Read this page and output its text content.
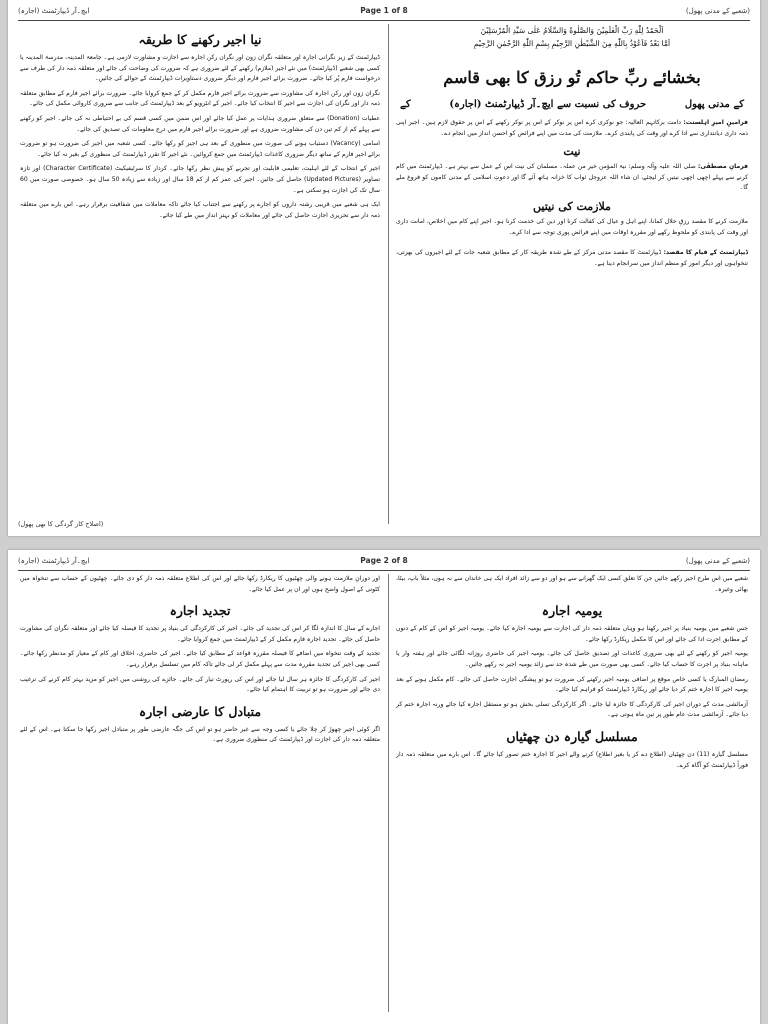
(ایچ۔آر ڈیپارٹمنٹ (اجارہ	Page 1 of 8	(شعبے کے مدنی پھول)
نیا اجیر رکھنے کا طریقہ

ڈیپارٹمنٹ کے زیر نگرانی اجارہ اور متعلقہ نگران زون اور نگران رکن اجارہ سے اجازت و مشاورت لازمی ہے۔ جامعۃ المدینہ، مدرسۃ المدینہ یا کسی بھی شعبے (ڈیپارٹمنٹ) میں نئے اجیر (ملازم) رکھنے کے لئے ضروری ہے کہ ضرورت کی وضاحت کی جائے اور متعلقہ ذمہ دار کی طرف سے درخواست فارم پُر کیا جائے۔ ضرورت برائے اجیر فارم اور دیگر ضروری دستاویزات ڈیپارٹمنٹ کے حوالے کی جائیں۔

نگران زون اور رکن اجارہ کی مشاورت سے ضرورت برائے اجیر فارم مکمل کر کے جمع کروایا جائے۔ ضرورت برائے اجیر فارم کے مطابق متعلقہ ذمہ دار اور نگران کی اجازت سے اجیر کا انتخاب کیا جائے۔ اجیر کے انٹرویو کے بعد ڈیپارٹمنٹ کی جانب سے ضروری کاروائی مکمل کی جائے۔

عطیات (Donation) سے متعلق ضروری ہدایات پر عمل کیا جائے اور اس ضمن میں کسی قسم کی بے احتیاطی نہ کی جائے۔ اجیر کو رکھنے سے پہلے کم از کم تین دن کی مشاورت ضروری ہے اور ضرورت برائے اجیر فارم میں درج معلومات کی تصدیق کی جائے۔

اسامی (Vacancy) دستیاب ہونے کی صورت میں منظوری کے بعد ہی اجیر کو رکھا جائے۔ کسی شعبہ میں اجیر کی ضرورت ہو تو ضرورت برائے اجیر فارم کے ساتھ دیگر ضروری کاغذات ڈیپارٹمنٹ میں جمع کروائیں۔ نئے اجیر کا تقرر ڈیپارٹمنٹ کی منظوری کے بغیر نہ کیا جائے۔

اجیر کے انتخاب کے لئے اہلیت، تعلیمی قابلیت اور تجربے کو پیش نظر رکھا جائے۔ کردار کا سرٹیفیکیٹ (Character Certificate) اور تازہ تصاویر (Updated Pictures) حاصل کی جائیں۔ اجیر کی عمر کم از کم 18 سال اور زیادہ سے زیادہ 50 سال ہو۔ خصوصی صورت میں 60 سال تک کی اجازت ہو سکتی ہے۔

ایک ہی شعبے میں قریبی رشتہ داروں کو اجارے پر رکھنے سے اجتناب کیا جائے تاکہ معاملات میں شفافیت برقرار رہے۔ اس بارے میں متعلقہ ذمہ دار سے تحریری اجازت حاصل کی جائے اور معاملات کو بہتر انداز میں طے کیا جائے۔

اَلْحَمْدُ لِلّٰهِ رَبِّ الْعٰلَمِیْنَ وَالصَّلٰوةُ وَالسَّلَامُ عَلٰی سَیِّدِ الْمُرْسَلِیْنَ
اَمَّا بَعْدُ فَاَعُوْذُ بِاللّٰهِ مِنَ الشَّیْطٰنِ الرَّجِیْمِ بِسْمِ اللّٰهِ الرَّحْمٰنِ الرَّحِیْمِ
بخشائے ربِّ حاکم تُو رزق کا بھی قاسم
کے مدنی پھول
حروف کی نسبت سے ایچ۔آر ڈیپارٹمنٹ (اجارہ)
کے

فرامینِ امیرِ اہلسنت: دامت برکاتہم العالیہ: جو نوکری کرے اس پر نوکر کے اس پر نوکر رکھنے کے اس پر حقوق لازم ہیں۔ اجیر اپنی ذمہ داری دیانتداری سے ادا کرے اور وقت کی پابندی کرے۔ ملازمت کی مدت میں اپنے فرائض کو احسن انداز میں انجام دے۔

نیت

فرمانِ مصطفٰی: صلی اللہ علیہ وآلہ وسلم: نیۃ المؤمن خیر من عملہ۔ مسلمان کی نیت اس کے عمل سے بہتر ہے۔ ڈیپارٹمنٹ میں کام کرنے سے پہلے اچھی اچھی نیتیں کر لیجئے، ان شاء اللہ عزوجل ثواب کا خزانہ ہاتھ آئے گا اور دعوتِ اسلامی کے مدنی کاموں کو فروغ ملے گا۔

ملازمت کی نیتیں

ملازمت کرنے کا مقصد رزقِ حلال کمانا، اپنے اہل و عیال کی کفالت کرنا اور دین کی خدمت کرنا ہو۔ اجیر اپنے کام میں اخلاص، امانت داری اور وقت کی پابندی کو ملحوظ رکھے اور مقررہ اوقات میں اپنے فرائض پوری توجہ سے ادا کرے۔

ڈیپارٹمنٹ کے قیام کا مقصد: ڈیپارٹمنٹ کا مقصد مدنی مرکز کے طے شدہ طریقہ کار کے مطابق شعبہ جات کے لئے اجیروں کی بھرتی، تنخواہوں اور دیگر امور کو منظم انداز میں سرانجام دینا ہے۔

(اصلاح کار گردگی کا بھی پھول)
(ایچ۔آر ڈیپارٹمنٹ (اجارہ	Page 2 of 8	(شعبے کے مدنی پھول)

اور دورانِ ملازمت ہونے والی چھٹیوں کا ریکارڈ رکھا جائے اور اس کی اطلاع متعلقہ ذمہ دار کو دی جائے۔ چھٹیوں کے حساب سے تنخواہ میں کٹوتی کے اصول واضح ہوں اور ان پر عمل کیا جائے۔

تجدید اجارہ

اجارے کے سال کا اندازہ لگا کر اس کی تجدید کی جائے۔ اجیر کی کارکردگی کی بنیاد پر تجدید کا فیصلہ کیا جائے اور متعلقہ نگران کی مشاورت حاصل کی جائے۔ تجدید اجارہ فارم مکمل کر کے ڈیپارٹمنٹ میں جمع کروایا جائے۔

تجدید کے وقت تنخواہ میں اضافے کا فیصلہ مقررہ قواعد کے مطابق کیا جائے۔ اجیر کی حاضری، اخلاق اور کام کے معیار کو مدنظر رکھا جائے۔ کسی بھی اجیر کی تجدید مقررہ مدت سے پہلے مکمل کر لی جائے تاکہ کام میں تسلسل برقرار رہے۔

اجیر کی کارکردگی کا جائزہ ہر سال لیا جائے اور اس کی رپورٹ تیار کی جائے۔ جائزے کی روشنی میں اجیر کو مزید بہتر کام کرنے کی ترغیب دی جائے اور ضرورت ہو تو تربیت کا اہتمام کیا جائے۔

متبادل کا عارضی اجارہ

اگر کوئی اجیر چھوڑ کر چلا جائے یا کسی وجہ سے غیر حاضر ہو تو اس کی جگہ عارضی طور پر متبادل اجیر رکھا جا سکتا ہے۔ اس کے لئے متعلقہ ذمہ دار کی اجازت اور ڈیپارٹمنٹ کی منظوری ضروری ہے۔

شعبے میں اس طرح اجیر رکھے جائیں جن کا تعلق کسی ایک گھرانے سے ہو اور دو سے زائد افراد ایک ہی خاندان سے نہ ہوں، مثلاً باپ، بیٹا، بھائی وغیرہ۔

یومیہ اجارہ

جس شعبے میں یومیہ بنیاد پر اجیر رکھنا ہو وہاں متعلقہ ذمہ دار کی اجازت سے یومیہ اجارہ کیا جائے۔ یومیہ اجیر کو اس کے کام کے دنوں کے مطابق اجرت ادا کی جائے اور اس کا مکمل ریکارڈ رکھا جائے۔

یومیہ اجیر کو رکھنے کے لئے بھی ضروری کاغذات اور تصدیق حاصل کی جائے۔ یومیہ اجیر کی حاضری روزانہ لگائی جائے اور ہفتہ وار یا ماہانہ بنیاد پر اجرت کا حساب کیا جائے۔ کسی بھی صورت میں طے شدہ حد سے زائد یومیہ اجیر نہ رکھے جائیں۔

رمضان المبارک یا کسی خاص موقع پر اضافی یومیہ اجیر رکھنے کی ضرورت ہو تو پیشگی اجازت حاصل کی جائے۔ کام مکمل ہونے کے بعد یومیہ اجیر کا اجارہ ختم کر دیا جائے اور ریکارڈ ڈیپارٹمنٹ کو فراہم کیا جائے۔

آزمائشی مدت کے دوران اجیر کی کارکردگی کا جائزہ لیا جائے۔ اگر کارکردگی تسلی بخش ہو تو مستقل اجارہ کیا جائے ورنہ اجارہ ختم کر دیا جائے۔ آزمائشی مدت عام طور پر تین ماہ ہوتی ہے۔

مسلسل گیارہ دن چھٹیاں

مسلسل گیارہ (11) دن چھٹیاں (اطلاع دے کر یا بغیر اطلاع) کرنے والے اجیر کا اجارہ ختم تصور کیا جائے گا۔ اس بارے میں متعلقہ ذمہ دار فوراً ڈیپارٹمنٹ کو آگاہ کرے۔
